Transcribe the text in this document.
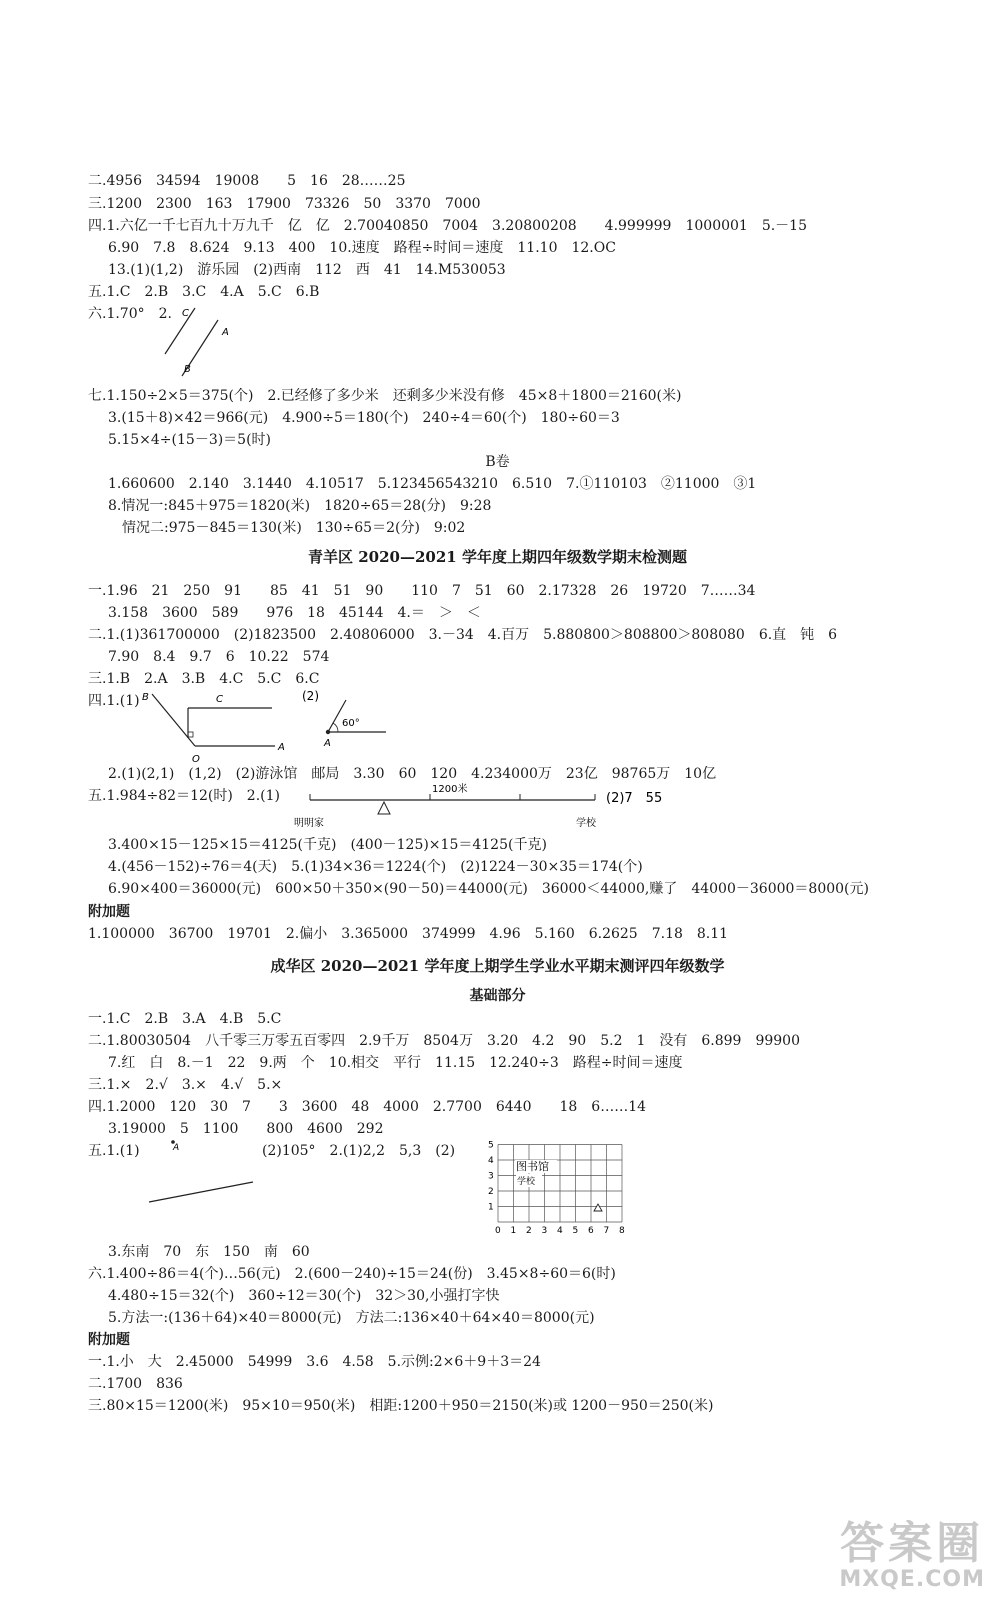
二.4956　34594　19008　　5　16　28……25
三.1200　2300　163　17900　73326　50　3370　7000
四.1.六亿一千七百九十万九千　亿　亿　2.70040850　7004　3.20800208　　4.999999　1000001　5.－15
6.90　7.8　8.624　9.13　400　10.速度　路程÷时间＝速度　11.10　12.OC
13.(1)(1,2)　游乐园　(2)西南　112　西　41　14.M530053
五.1.C　2.B　3.C　4.A　5.C　6.B
六.1.70°　2. C
A
B
七.1.150÷2×5＝375(个)　2.已经修了多少米　还剩多少米没有修　45×8＋1800＝2160(米)
3.(15＋8)×42＝966(元)　4.900÷5＝180(个)　240÷4＝60(个)　180÷60＝3
5.15×4÷(15－3)＝5(时)
B卷
1.660600　2.140　3.1440　4.10517　5.123456543210　6.510　7.①110103　②11000　③1
8.情况一:845＋975＝1820(米)　1820÷65＝28(分)　9:28
情况二:975－845＝130(米)　130÷65＝2(分)　9:02
青羊区 2020—2021 学年度上期四年级数学期末检测题
一.1.96　21　250　91　　85　41　51　90　　110　7　51　60　2.17328　26　19720　7……34
3.158　3600　589　　976　18　45144　4.＝　＞　＜
二.1.(1)361700000　(2)1823500　2.40806000　3.－34　4.百万　5.880800＞808800＞808080　6.直　钝　6
7.90　8.4　9.7　6　10.22　574
三.1.B　2.A　3.B　4.C　5.C　6.C
四.1.(1) B	C
O
A
(2)
60°
A
2.(1)(2,1)　(1,2)　(2)游泳馆　邮局　3.30　60　120　4.234000万　23亿　98765万　10亿
五.1.984÷82＝12(时)　2.(1)	1200米
明明家	学校
(2)7　55
3.400×15－125×15＝4125(千克)　(400－125)×15＝4125(千克)
4.(456－152)÷76＝4(天)　5.(1)34×36＝1224(个)　(2)1224－30×35＝174(个)
6.90×400＝36000(元)　600×50＋350×(90－50)＝44000(元)　36000＜44000,赚了　44000－36000＝8000(元)
附加题
1.100000　36700　19701　2.偏小　3.365000　374999　4.96　5.160　6.2625　7.18　8.11
成华区 2020—2021 学年度上期学生学业水平期末测评四年级数学
基础部分
一.1.C　2.B　3.A　4.B　5.C
二.1.80030504　八千零三万零五百零四　2.9千万　8504万　3.20　4.2　90　5.2　1　没有　6.899　99900
7.红　白　8.－1　22　9.两　个　10.相交　平行　11.15　12.240÷3　路程÷时间＝速度
三.1.×　2.√　3.×　4.√　5.×
四.1.2000　120　30　7　　3　3600　48　4000　2.7700　6440　　18　6……14
3.19000　5　1100　　800　4600　292
五.1.(1)	A	(2)105°　2.(1)2,2　5,3　(2)
0 1 2 3 4 5 6 7 8
1
2
3
4
5
图书馆
学校
3.东南　70　东　150　南　60
六.1.400÷86＝4(个)…56(元)　2.(600－240)÷15＝24(份)　3.45×8÷60＝6(时)
4.480÷15＝32(个)　360÷12＝30(个)　32＞30,小强打字快
5.方法一:(136＋64)×40＝8000(元)　方法二:136×40＋64×40＝8000(元)
附加题
一.1.小　大　2.45000　54999　3.6　4.58　5.示例:2×6＋9＋3＝24
二.1700　836
三.80×15＝1200(米)　95×10＝950(米)　相距:1200＋950＝2150(米)或 1200－950＝250(米)
答案圈
MXQE.COM
